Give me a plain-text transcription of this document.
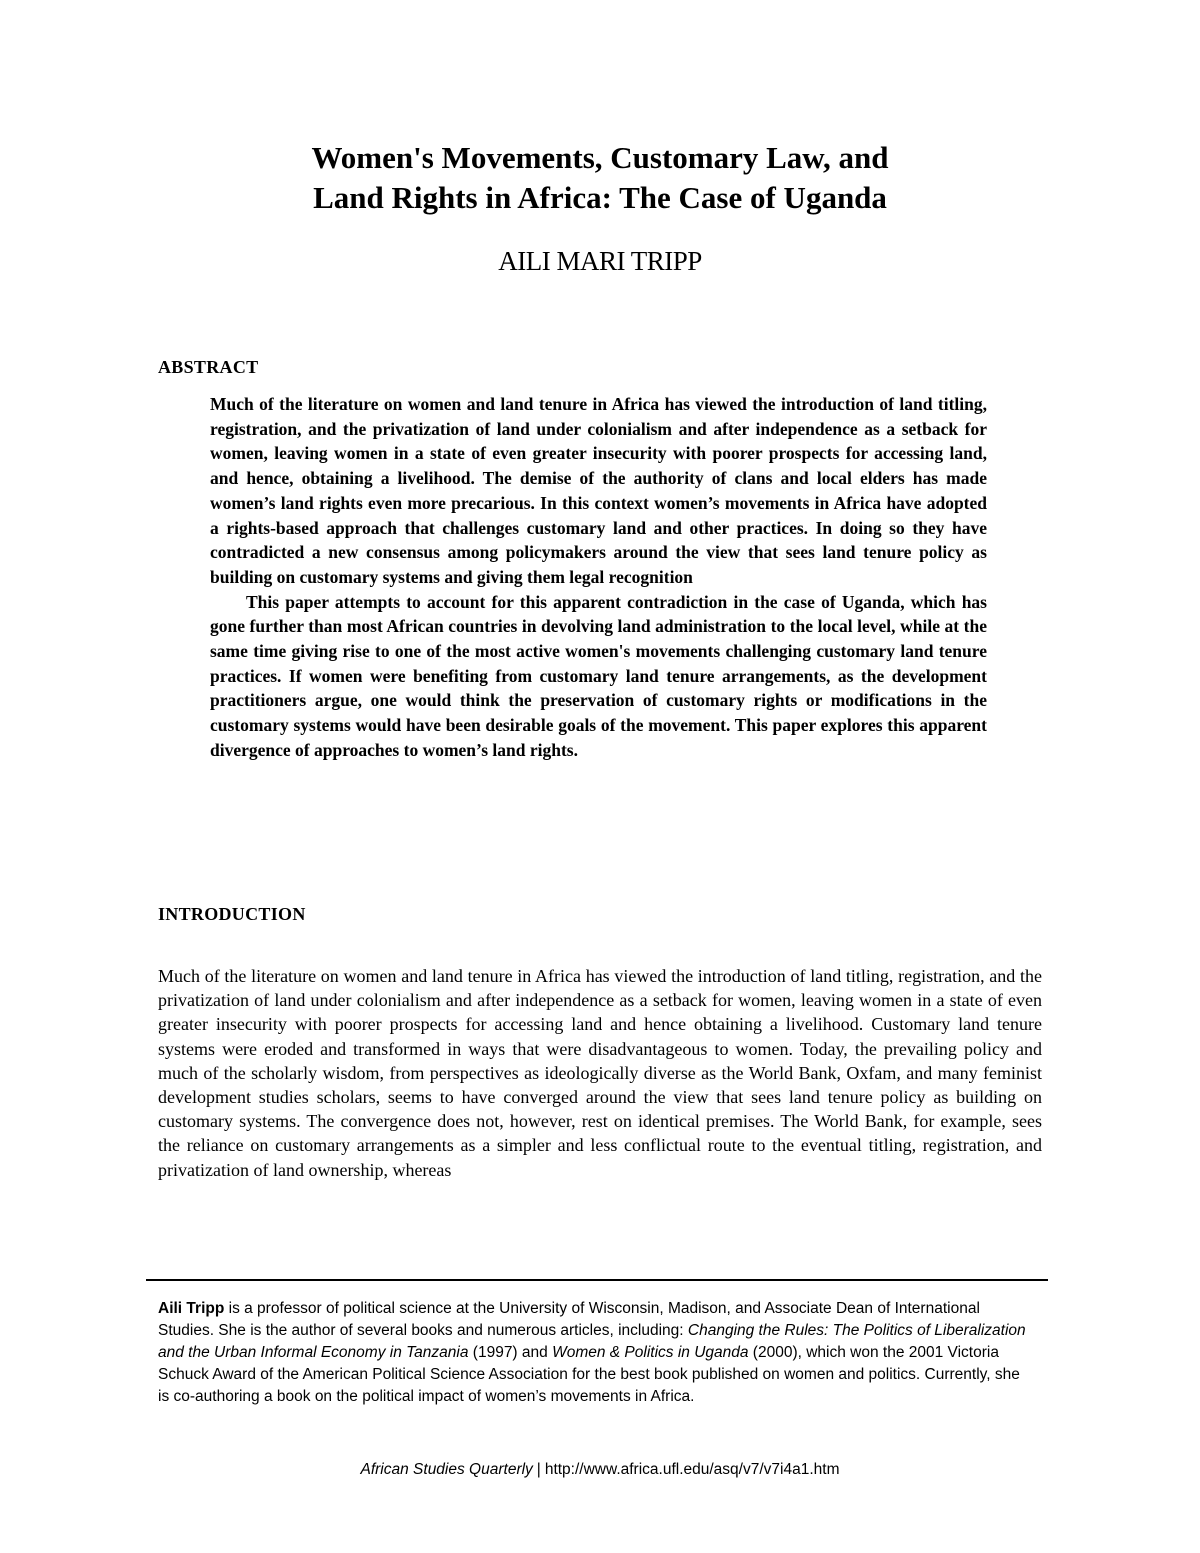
Women's Movements, Customary Law, and
Land Rights in Africa: The Case of Uganda
AILI MARI TRIPP
ABSTRACT

Much of the literature on women and land tenure in Africa has viewed the introduction of land titling, registration, and the privatization of land under colonialism and after independence as a setback for women, leaving women in a state of even greater insecurity with poorer prospects for accessing land, and hence, obtaining a livelihood. The demise of the authority of clans and local elders has made women’s land rights even more precarious. In this context women’s movements in Africa have adopted a rights-based approach that challenges customary land and other practices. In doing so they have contradicted a new consensus among policymakers around the view that sees land tenure policy as building on customary systems and giving them legal recognition

This paper attempts to account for this apparent contradiction in the case of Uganda, which has gone further than most African countries in devolving land administration to the local level, while at the same time giving rise to one of the most active women's movements challenging customary land tenure practices. If women were benefiting from customary land tenure arrangements, as the development practitioners argue, one would think the preservation of customary rights or modifications in the customary systems would have been desirable goals of the movement. This paper explores this apparent divergence of approaches to women’s land rights.

INTRODUCTION

Much of the literature on women and land tenure in Africa has viewed the introduction of land titling, registration, and the privatization of land under colonialism and after independence as a setback for women, leaving women in a state of even greater insecurity with poorer prospects for accessing land and hence obtaining a livelihood. Customary land tenure systems were eroded and transformed in ways that were disadvantageous to women. Today, the prevailing policy and much of the scholarly wisdom, from perspectives as ideologically diverse as the World Bank, Oxfam, and many feminist development studies scholars, seems to have converged around the view that sees land tenure policy as building on customary systems. The convergence does not, however, rest on identical premises. The World Bank, for example, sees the reliance on customary arrangements as a simpler and less conflictual route to the eventual titling, registration, and privatization of land ownership, whereas

Aili Tripp is a professor of political science at the University of Wisconsin, Madison, and Associate Dean of International Studies. She is the author of several books and numerous articles, including: Changing the Rules: The Politics of Liberalization and the Urban Informal Economy in Tanzania (1997) and Women & Politics in Uganda (2000), which won the 2001 Victoria Schuck Award of the American Political Science Association for the best book published on women and politics. Currently, she is co-authoring a book on the political impact of women’s movements in Africa.

African Studies Quarterly | http://www.africa.ufl.edu/asq/v7/v7i4a1.htm
